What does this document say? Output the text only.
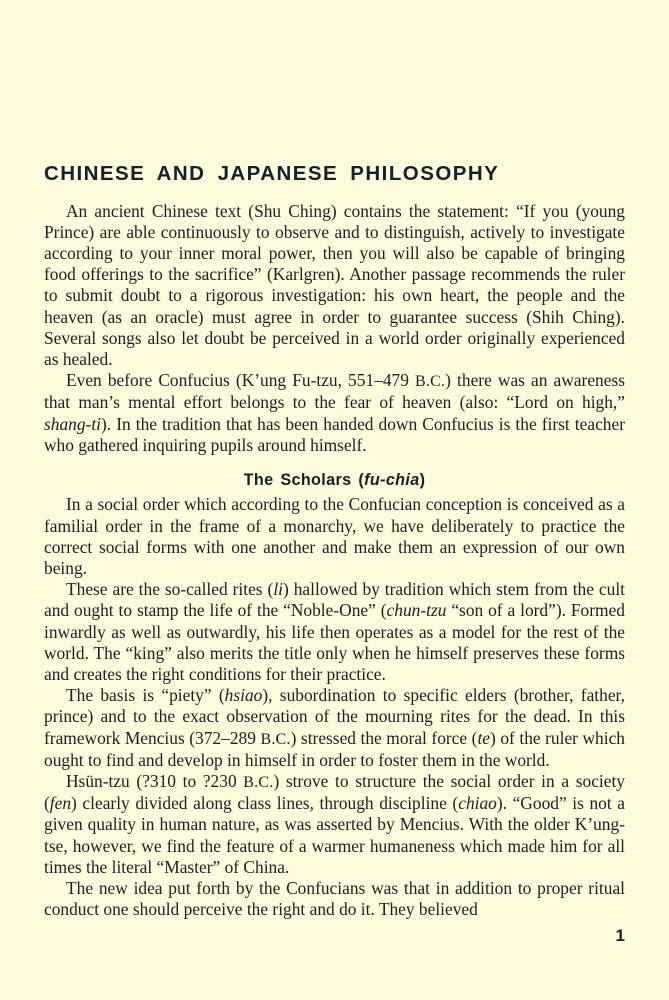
CHINESE AND JAPANESE PHILOSOPHY

An ancient Chinese text (Shu Ching) contains the statement: “If you (young Prince) are able continuously to observe and to distinguish, actively to investigate according to your inner moral power, then you will also be capable of bringing food offerings to the sacrifice” (Karlgren). Another passage recommends the ruler to submit doubt to a rigorous investigation: his own heart, the people and the heaven (as an oracle) must agree in order to guarantee success (Shih Ching). Several songs also let doubt be perceived in a world order originally experienced as healed.

Even before Confucius (K’ung Fu-tzu, 551–479 B.C.) there was an awareness that man’s mental effort belongs to the fear of heaven (also: “Lord on high,” shang-ti). In the tradition that has been handed down Confucius is the first teacher who gathered inquiring pupils around himself.

The Scholars (fu-chia)

In a social order which according to the Confucian conception is conceived as a familial order in the frame of a monarchy, we have deliberately to practice the correct social forms with one another and make them an expression of our own being.

These are the so-called rites (li) hallowed by tradition which stem from the cult and ought to stamp the life of the “Noble-One” (chun-tzu “son of a lord”). Formed inwardly as well as outwardly, his life then operates as a model for the rest of the world. The “king” also merits the title only when he himself preserves these forms and creates the right conditions for their practice.

The basis is “piety” (hsiao), subordination to specific elders (brother, father, prince) and to the exact observation of the mourning rites for the dead. In this framework Mencius (372–289 B.C.) stressed the moral force (te) of the ruler which ought to find and develop in himself in order to foster them in the world.

Hsün-tzu (?310 to ?230 B.C.) strove to structure the social order in a society (fen) clearly divided along class lines, through discipline (chiao). “Good” is not a given quality in human nature, as was asserted by Mencius. With the older K’ung-tse, however, we find the feature of a warmer humaneness which made him for all times the literal “Master” of China.

The new idea put forth by the Confucians was that in addition to proper ritual conduct one should perceive the right and do it. They believed

1
